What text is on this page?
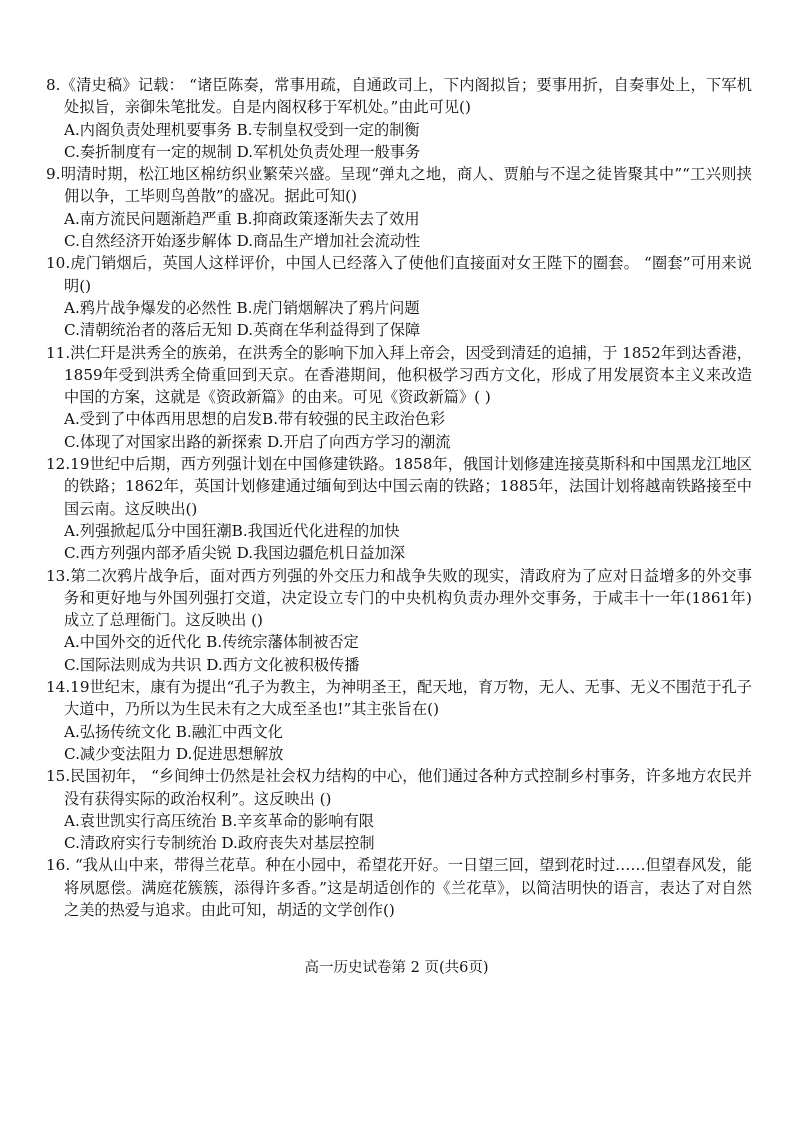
8.《清史稿》记载： “诸臣陈奏，常事用疏，自通政司上，下内阁拟旨；要事用折，自奏事处上，下军机处拟旨，亲御朱笔批发。自是内阁权移于军机处。”由此可见()

A.内阁负责处理机要事务 B.专制皇权受到一定的制衡

C.奏折制度有一定的规制 D.军机处负责处理一般事务

9.明清时期，松江地区棉纺织业繁荣兴盛。呈现“弹丸之地，商人、贾舶与不逞之徒皆聚其中”“工兴则挟佣以争，工毕则鸟兽散”的盛况。据此可知()

A.南方流民问题渐趋严重 B.抑商政策逐渐失去了效用

C.自然经济开始逐步解体 D.商品生产增加社会流动性

10.虎门销烟后，英国人这样评价，中国人已经落入了使他们直接面对女王陛下的圈套。 “圈套”可用来说明()

A.鸦片战争爆发的必然性 B.虎门销烟解决了鸦片问题

C.清朝统治者的落后无知 D.英商在华利益得到了保障

11.洪仁玕是洪秀全的族弟，在洪秀全的影响下加入拜上帝会，因受到清廷的追捕，于 1852年到达香港，1859年受到洪秀全倚重回到天京。在香港期间，他积极学习西方文化，形成了用发展资本主义来改造中国的方案，这就是《资政新篇》的由来。可见《资政新篇》( )

A.受到了中体西用思想的启发B.带有较强的民主政治色彩

C.体现了对国家出路的新探索 D.开启了向西方学习的潮流

12.19世纪中后期，西方列强计划在中国修建铁路。1858年，俄国计划修建连接莫斯科和中国黑龙江地区的铁路；1862年，英国计划修建通过缅甸到达中国云南的铁路；1885年，法国计划将越南铁路接至中国云南。这反映出()

A.列强掀起瓜分中国狂潮B.我国近代化进程的加快

C.西方列强内部矛盾尖锐 D.我国边疆危机日益加深

13.第二次鸦片战争后，面对西方列强的外交压力和战争失败的现实，清政府为了应对日益增多的外交事务和更好地与外国列强打交道，决定设立专门的中央机构负责办理外交事务，于咸丰十一年(1861年)成立了总理衙门。这反映出 ()

A.中国外交的近代化 B.传统宗藩体制被否定

C.国际法则成为共识 D.西方文化被积极传播

14.19世纪末，康有为提出“孔子为教主，为神明圣王，配天地，育万物，无人、无事、无义不围范于孔子大道中，乃所以为生民未有之大成至圣也!”其主张旨在()

A.弘扬传统文化 B.融汇中西文化

C.减少变法阻力 D.促进思想解放

15.民国初年， “乡间绅士仍然是社会权力结构的中心，他们通过各种方式控制乡村事务，许多地方农民并没有获得实际的政治权利”。这反映出 ()

A.袁世凯实行高压统治 B.辛亥革命的影响有限

C.清政府实行专制统治 D.政府丧失对基层控制

16. “我从山中来，带得兰花草。种在小园中，希望花开好。一日望三回，望到花时过……但望春风发，能将夙愿偿。满庭花簇簇，添得许多香。”这是胡适创作的《兰花草》，以简洁明快的语言，表达了对自然之美的热爱与追求。由此可知，胡适的文学创作()

高一历史试卷第 2 页(共6页)
